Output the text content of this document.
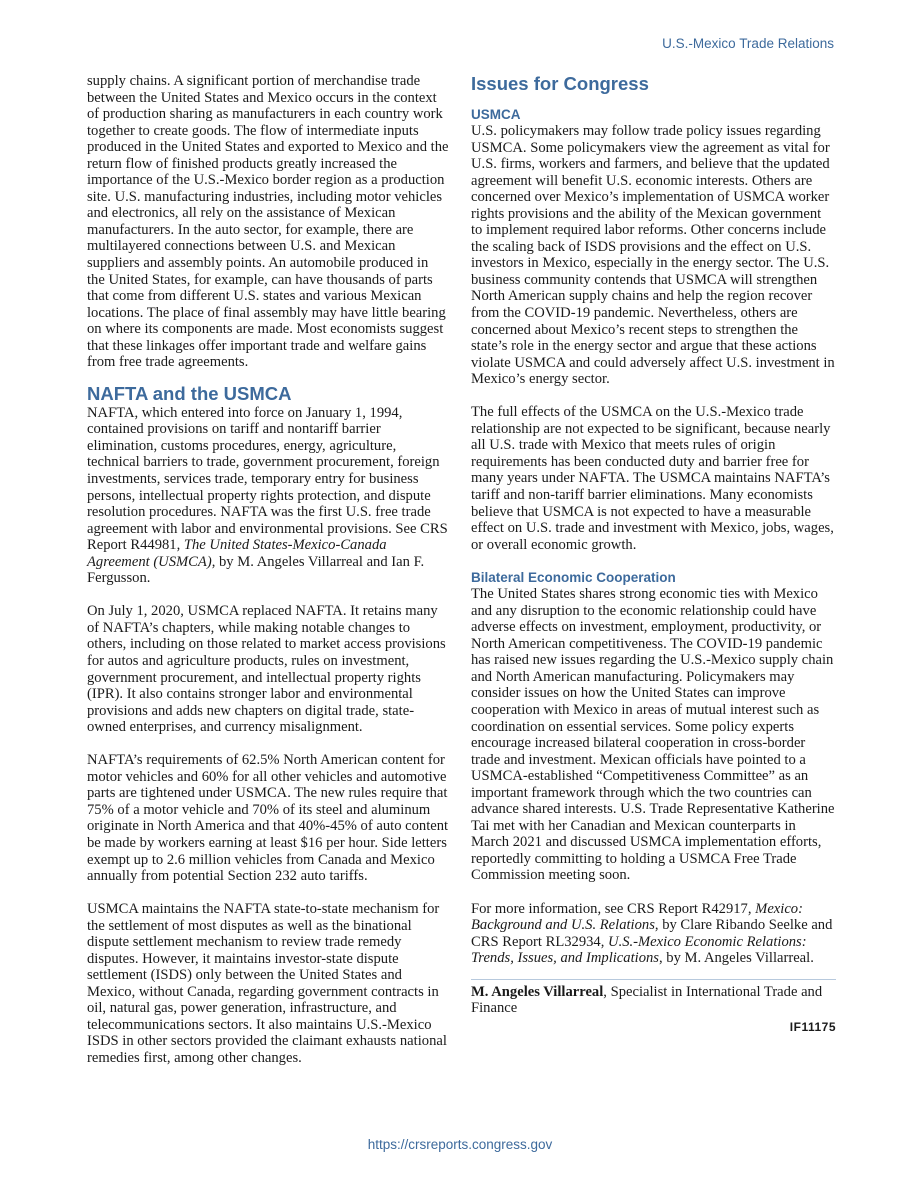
U.S.-Mexico Trade Relations

supply chains. A significant portion of merchandise trade between the United States and Mexico occurs in the context of production sharing as manufacturers in each country work together to create goods. The flow of intermediate inputs produced in the United States and exported to Mexico and the return flow of finished products greatly increased the importance of the U.S.-Mexico border region as a production site. U.S. manufacturing industries, including motor vehicles and electronics, all rely on the assistance of Mexican manufacturers. In the auto sector, for example, there are multilayered connections between U.S. and Mexican suppliers and assembly points. An automobile produced in the United States, for example, can have thousands of parts that come from different U.S. states and various Mexican locations. The place of final assembly may have little bearing on where its components are made. Most economists suggest that these linkages offer important trade and welfare gains from free trade agreements.

NAFTA and the USMCA

NAFTA, which entered into force on January 1, 1994, contained provisions on tariff and nontariff barrier elimination, customs procedures, energy, agriculture, technical barriers to trade, government procurement, foreign investments, services trade, temporary entry for business persons, intellectual property rights protection, and dispute resolution procedures. NAFTA was the first U.S. free trade agreement with labor and environmental provisions. See CRS Report R44981, The United States-Mexico-Canada Agreement (USMCA), by M. Angeles Villarreal and Ian F. Fergusson.

On July 1, 2020, USMCA replaced NAFTA. It retains many of NAFTA’s chapters, while making notable changes to others, including on those related to market access provisions for autos and agriculture products, rules on investment, government procurement, and intellectual property rights (IPR). It also contains stronger labor and environmental provisions and adds new chapters on digital trade, state-owned enterprises, and currency misalignment.

NAFTA’s requirements of 62.5% North American content for motor vehicles and 60% for all other vehicles and automotive parts are tightened under USMCA. The new rules require that 75% of a motor vehicle and 70% of its steel and aluminum originate in North America and that 40%-45% of auto content be made by workers earning at least $16 per hour. Side letters exempt up to 2.6 million vehicles from Canada and Mexico annually from potential Section 232 auto tariffs.

USMCA maintains the NAFTA state-to-state mechanism for the settlement of most disputes as well as the binational dispute settlement mechanism to review trade remedy disputes. However, it maintains investor-state dispute settlement (ISDS) only between the United States and Mexico, without Canada, regarding government contracts in oil, natural gas, power generation, infrastructure, and telecommunications sectors. It also maintains U.S.-Mexico ISDS in other sectors provided the claimant exhausts national remedies first, among other changes.

Issues for Congress
USMCA

U.S. policymakers may follow trade policy issues regarding USMCA. Some policymakers view the agreement as vital for U.S. firms, workers and farmers, and believe that the updated agreement will benefit U.S. economic interests. Others are concerned over Mexico’s implementation of USMCA worker rights provisions and the ability of the Mexican government to implement required labor reforms. Other concerns include the scaling back of ISDS provisions and the effect on U.S. investors in Mexico, especially in the energy sector. The U.S. business community contends that USMCA will strengthen North American supply chains and help the region recover from the COVID-19 pandemic. Nevertheless, others are concerned about Mexico’s recent steps to strengthen the state’s role in the energy sector and argue that these actions violate USMCA and could adversely affect U.S. investment in Mexico’s energy sector.

The full effects of the USMCA on the U.S.-Mexico trade relationship are not expected to be significant, because nearly all U.S. trade with Mexico that meets rules of origin requirements has been conducted duty and barrier free for many years under NAFTA. The USMCA maintains NAFTA’s tariff and non-tariff barrier eliminations. Many economists believe that USMCA is not expected to have a measurable effect on U.S. trade and investment with Mexico, jobs, wages, or overall economic growth.

Bilateral Economic Cooperation

The United States shares strong economic ties with Mexico and any disruption to the economic relationship could have adverse effects on investment, employment, productivity, or North American competitiveness. The COVID-19 pandemic has raised new issues regarding the U.S.-Mexico supply chain and North American manufacturing. Policymakers may consider issues on how the United States can improve cooperation with Mexico in areas of mutual interest such as coordination on essential services. Some policy experts encourage increased bilateral cooperation in cross-border trade and investment. Mexican officials have pointed to a USMCA-established “Competitiveness Committee” as an important framework through which the two countries can advance shared interests. U.S. Trade Representative Katherine Tai met with her Canadian and Mexican counterparts in March 2021 and discussed USMCA implementation efforts, reportedly committing to holding a USMCA Free Trade Commission meeting soon.

For more information, see CRS Report R42917, Mexico: Background and U.S. Relations, by Clare Ribando Seelke and CRS Report RL32934, U.S.-Mexico Economic Relations: Trends, Issues, and Implications, by M. Angeles Villarreal.

M. Angeles Villarreal, Specialist in International Trade and Finance

IF11175
https://crsreports.congress.gov
